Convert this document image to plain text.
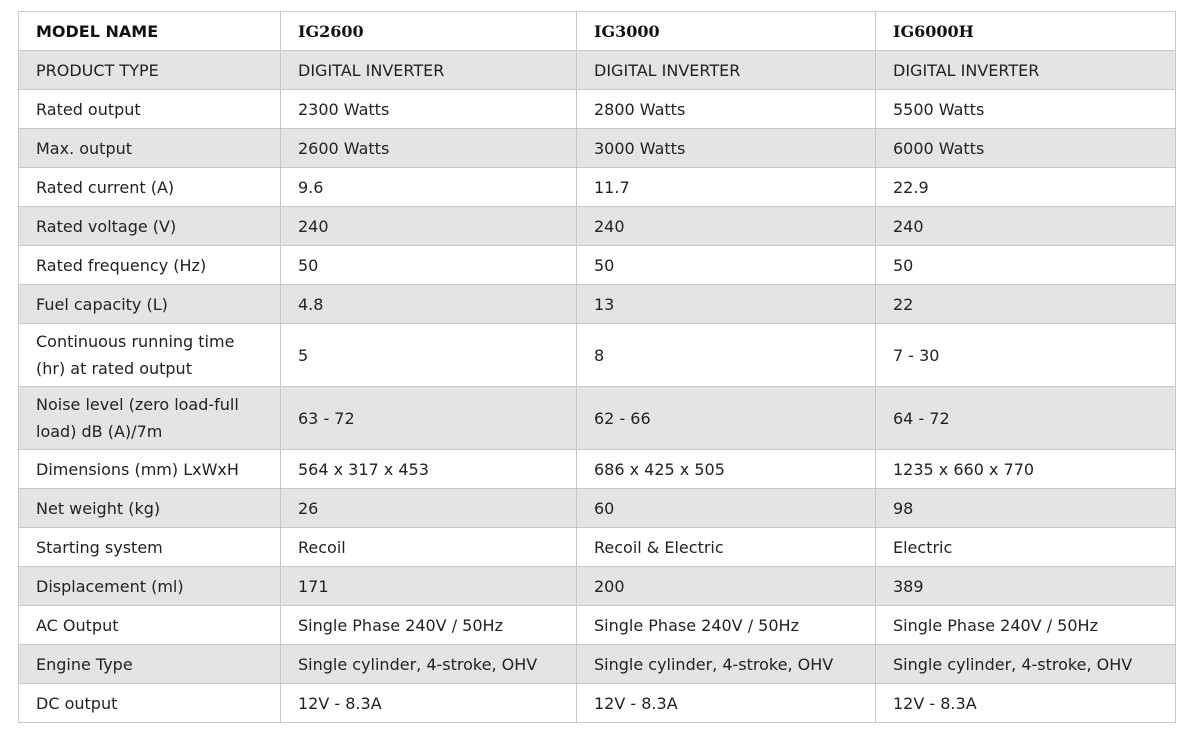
MODEL NAME	IG2600	IG3000	IG6000H
PRODUCT TYPE	DIGITAL INVERTER	DIGITAL INVERTER	DIGITAL INVERTER
Rated output	2300 Watts	2800 Watts	5500 Watts
Max. output	2600 Watts	3000 Watts	6000 Watts
Rated current (A)	9.6	11.7	22.9
Rated voltage (V)	240	240	240
Rated frequency (Hz)	50	50	50
Fuel capacity (L)	4.8	13	22
Continuous running time (hr) at rated output	5	8	7 - 30
Noise level (zero load-full load) dB (A)/7m	63 - 72	62 - 66	64 - 72
Dimensions (mm) LxWxH	564 x 317 x 453	686 x 425 x 505	1235 x 660 x 770
Net weight (kg)	26	60	98
Starting system	Recoil	Recoil & Electric	Electric
Displacement (ml)	171	200	389
AC Output	Single Phase 240V / 50Hz	Single Phase 240V / 50Hz	Single Phase 240V / 50Hz
Engine Type	Single cylinder, 4-stroke, OHV	Single cylinder, 4-stroke, OHV	Single cylinder, 4-stroke, OHV
DC output	12V - 8.3A	12V - 8.3A	12V - 8.3A
